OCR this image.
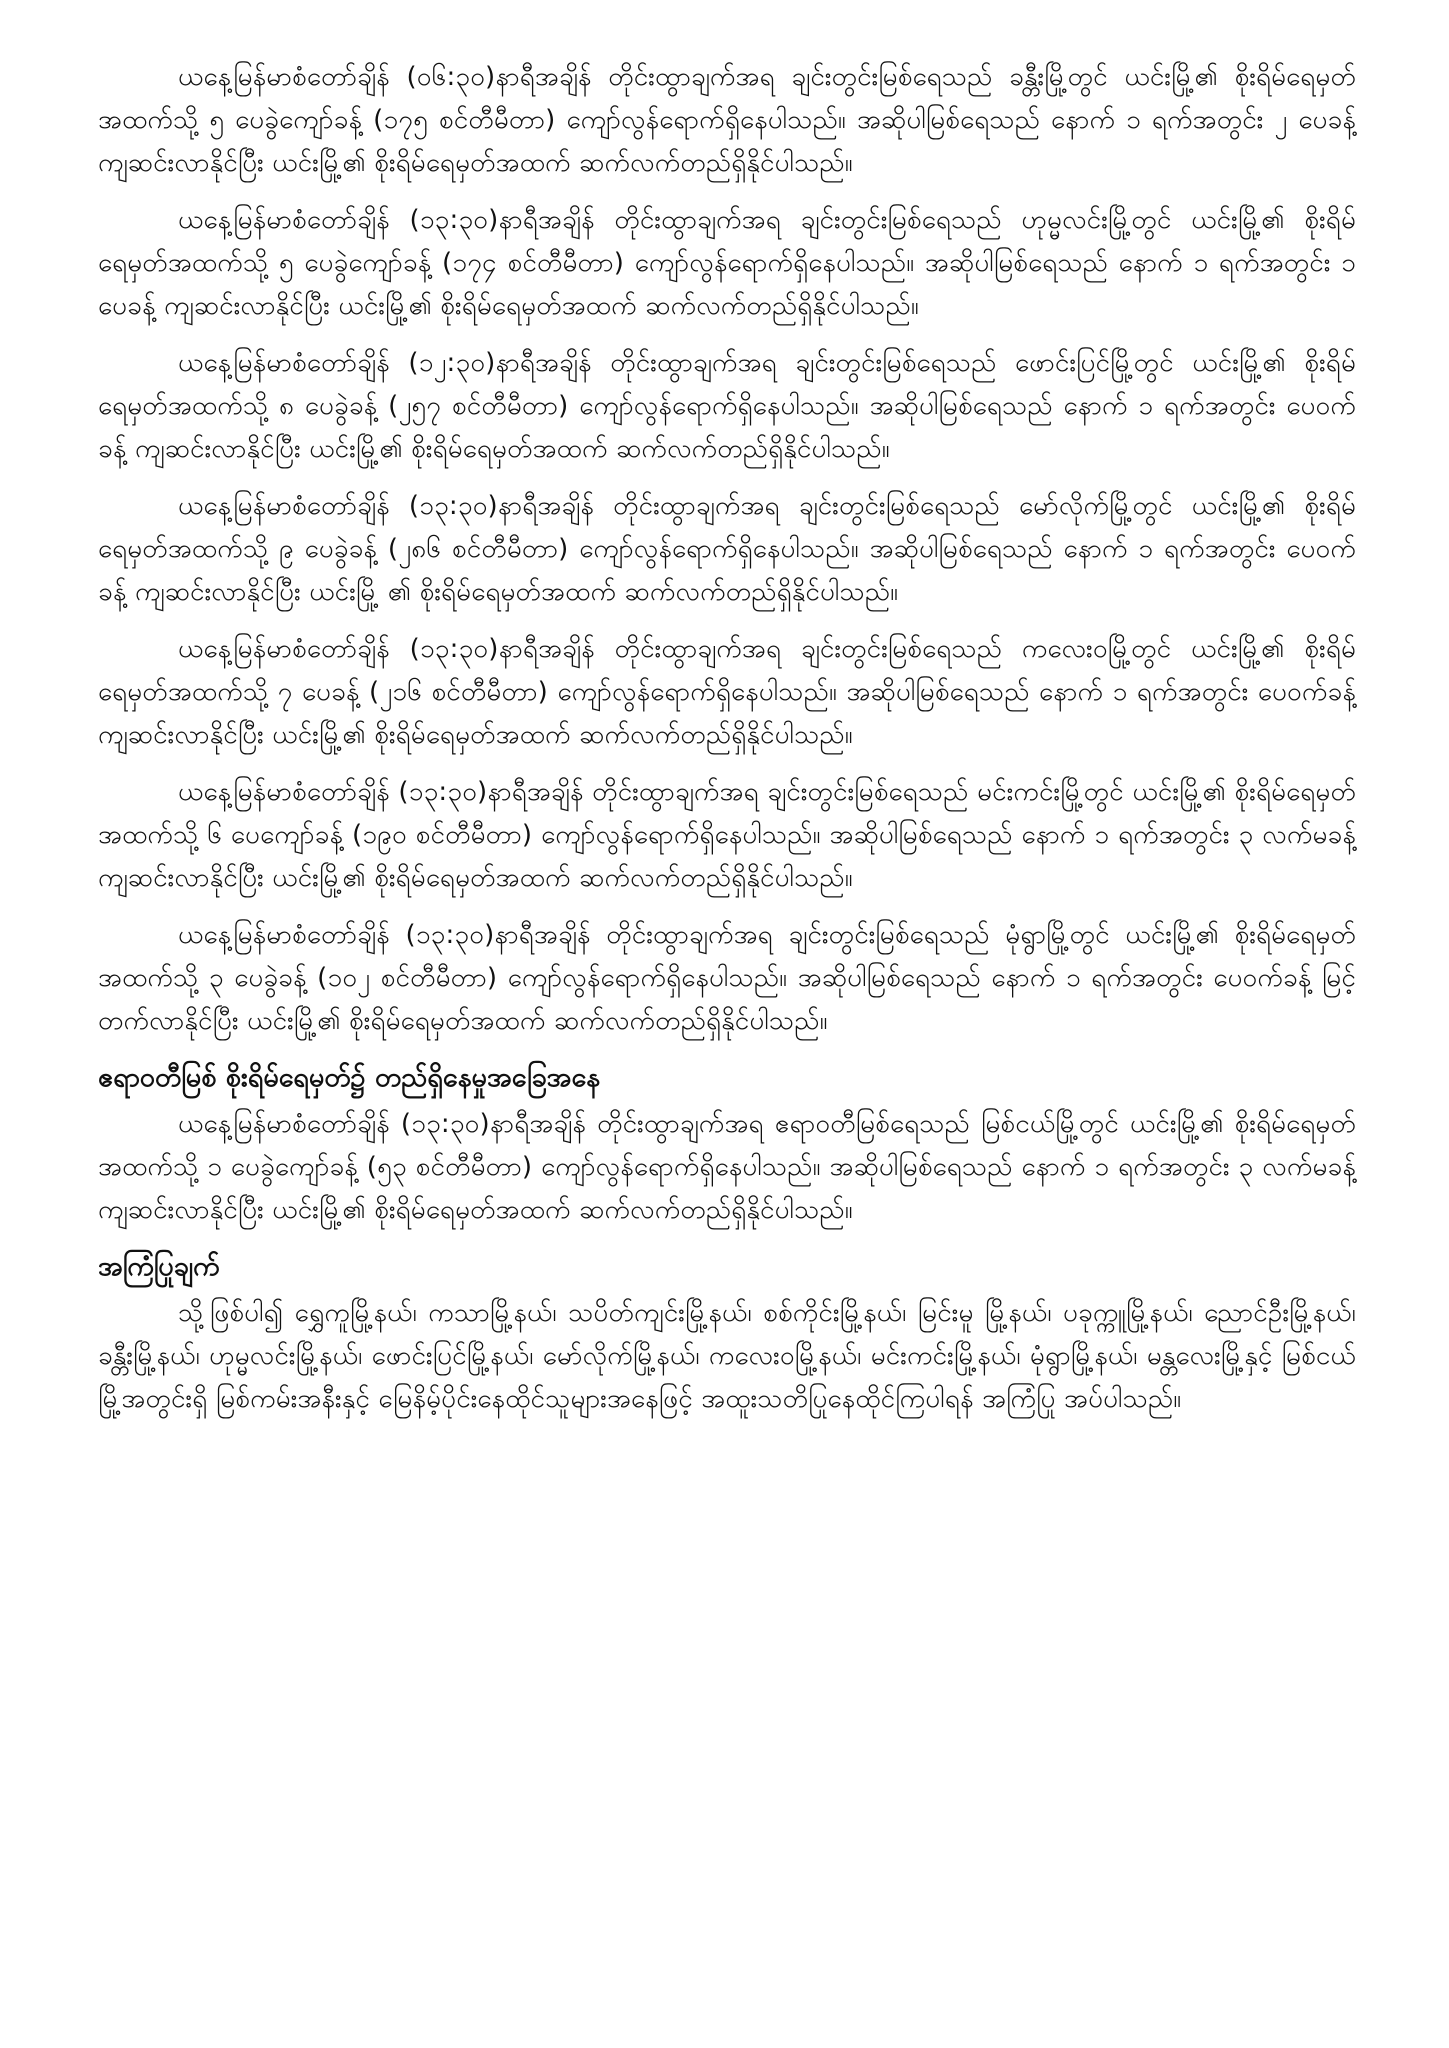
ယနေ့မြန်မာစံတော်ချိန် (၀၆:၃၀)နာရီအချိန် တိုင်းထွာချက်အရ ချင်းတွင်းမြစ်ရေသည် ခန္တီးမြို့တွင် ယင်းမြို့၏ စိုးရိမ်ရေမှတ်အထက်သို့ ၅ ပေခွဲကျော်ခန့် (၁၇၅ စင်တီမီတာ) ကျော်လွန်ရောက်ရှိနေပါသည်။ အဆိုပါမြစ်ရေသည် နောက် ၁ ရက်အတွင်း ၂ ပေခန့် ကျဆင်းလာနိုင်ပြီး ယင်းမြို့၏ စိုးရိမ်ရေမှတ်အထက် ဆက်လက်တည်ရှိနိုင်ပါသည်။

ယနေ့မြန်မာစံတော်ချိန် (၁၃:၃၀)နာရီအချိန် တိုင်းထွာချက်အရ ချင်းတွင်းမြစ်ရေသည် ဟုမ္မလင်းမြို့တွင် ယင်းမြို့၏ စိုးရိမ်ရေမှတ်အထက်သို့ ၅ ပေခွဲကျော်ခန့် (၁၇၄ စင်တီမီတာ) ကျော်လွန်ရောက်ရှိနေပါသည်။ အဆိုပါမြစ်ရေသည် နောက် ၁ ရက်အတွင်း ၁ ပေခန့် ကျဆင်းလာနိုင်ပြီး ယင်းမြို့၏ စိုးရိမ်ရေမှတ်အထက် ဆက်လက်တည်ရှိနိုင်ပါသည်။

ယနေ့မြန်မာစံတော်ချိန် (၁၂:၃၀)နာရီအချိန် တိုင်းထွာချက်အရ ချင်းတွင်းမြစ်ရေသည် ဖောင်းပြင်မြို့တွင် ယင်းမြို့၏ စိုးရိမ်ရေမှတ်အထက်သို့ ၈ ပေခွဲခန့် (၂၅၇ စင်တီမီတာ) ကျော်လွန်ရောက်ရှိနေပါသည်။ အဆိုပါမြစ်ရေသည် နောက် ၁ ရက်အတွင်း ပေဝက်ခန့် ကျဆင်းလာနိုင်ပြီး ယင်းမြို့၏ စိုးရိမ်ရေမှတ်အထက် ဆက်လက်တည်ရှိနိုင်ပါသည်။

ယနေ့မြန်မာစံတော်ချိန် (၁၃:၃၀)နာရီအချိန် တိုင်းထွာချက်အရ ချင်းတွင်းမြစ်ရေသည် မော်လိုက်မြို့တွင် ယင်းမြို့၏ စိုးရိမ်ရေမှတ်အထက်သို့ ၉ ပေခွဲခန့် (၂၈၆ စင်တီမီတာ) ကျော်လွန်ရောက်ရှိနေပါသည်။ အဆိုပါမြစ်ရေသည် နောက် ၁ ရက်အတွင်း ပေဝက်ခန့် ကျဆင်းလာနိုင်ပြီး ယင်းမြို့ ၏ စိုးရိမ်ရေမှတ်အထက် ဆက်လက်တည်ရှိနိုင်ပါသည်။

ယနေ့မြန်မာစံတော်ချိန် (၁၃:၃၀)နာရီအချိန် တိုင်းထွာချက်အရ ချင်းတွင်းမြစ်ရေသည် ကလေးဝမြို့တွင် ယင်းမြို့၏ စိုးရိမ်ရေမှတ်အထက်သို့ ၇ ပေခန့် (၂၁၆ စင်တီမီတာ) ကျော်လွန်ရောက်ရှိနေပါသည်။ အဆိုပါမြစ်ရေသည် နောက် ၁ ရက်အတွင်း ပေဝက်ခန့် ကျဆင်းလာနိုင်ပြီး ယင်းမြို့၏ စိုးရိမ်ရေမှတ်အထက် ဆက်လက်တည်ရှိနိုင်ပါသည်။

ယနေ့မြန်မာစံတော်ချိန် (၁၃:၃၀)နာရီအချိန် တိုင်းထွာချက်အရ ချင်းတွင်းမြစ်ရေသည် မင်းကင်းမြို့တွင် ယင်းမြို့၏ စိုးရိမ်ရေမှတ်အထက်သို့ ၆ ပေကျော်ခန့် (၁၉၀ စင်တီမီတာ) ကျော်လွန်ရောက်ရှိနေပါသည်။ အဆိုပါမြစ်ရေသည် နောက် ၁ ရက်အတွင်း ၃ လက်မခန့် ကျဆင်းလာနိုင်ပြီး ယင်းမြို့၏ စိုးရိမ်ရေမှတ်အထက် ဆက်လက်တည်ရှိနိုင်ပါသည်။

ယနေ့မြန်မာစံတော်ချိန် (၁၃:၃၀)နာရီအချိန် တိုင်းထွာချက်အရ ချင်းတွင်းမြစ်ရေသည် မုံရွာမြို့တွင် ယင်းမြို့၏ စိုးရိမ်ရေမှတ်အထက်သို့ ၃ ပေခွဲခန့် (၁၀၂ စင်တီမီတာ) ကျော်လွန်ရောက်ရှိနေပါသည်။ အဆိုပါမြစ်ရေသည် နောက် ၁ ရက်အတွင်း ပေဝက်ခန့် မြင့်တက်လာနိုင်ပြီး ယင်းမြို့၏ စိုးရိမ်ရေမှတ်အထက် ဆက်လက်တည်ရှိနိုင်ပါသည်။

ဧရာဝတီမြစ် စိုးရိမ်ရေမှတ်၌ တည်ရှိနေမှုအခြေအနေ

ယနေ့မြန်မာစံတော်ချိန် (၁၃:၃၀)နာရီအချိန် တိုင်းထွာချက်အရ ဧရာဝတီမြစ်ရေသည် မြစ်ငယ်မြို့တွင် ယင်းမြို့၏ စိုးရိမ်ရေမှတ်အထက်သို့ ၁ ပေခွဲကျော်ခန့် (၅၃ စင်တီမီတာ) ကျော်လွန်ရောက်ရှိနေပါသည်။ အဆိုပါမြစ်ရေသည် နောက် ၁ ရက်အတွင်း ၃ လက်မခန့် ကျဆင်းလာနိုင်ပြီး ယင်းမြို့၏ စိုးရိမ်ရေမှတ်အထက် ဆက်လက်တည်ရှိနိုင်ပါသည်။

အကြံပြုချက်

သို့ဖြစ်ပါ၍ ရွှေကူမြို့နယ်၊ ကသာမြို့နယ်၊ သပိတ်ကျင်းမြို့နယ်၊ စစ်ကိုင်းမြို့နယ်၊ မြင်းမူ မြို့နယ်၊ ပခုက္ကူမြို့နယ်၊ ညောင်ဦးမြို့နယ်၊ ခန္တီးမြို့နယ်၊ ဟုမ္မလင်းမြို့နယ်၊ ဖောင်းပြင်မြို့နယ်၊ မော်လိုက်မြို့နယ်၊ ကလေးဝမြို့နယ်၊ မင်းကင်းမြို့နယ်၊ မုံရွာမြို့နယ်၊ မန္တလေးမြို့နှင့် မြစ်ငယ်မြို့အတွင်းရှိ မြစ်ကမ်းအနီးနှင့် မြေနိမ့်ပိုင်းနေထိုင်သူများအနေဖြင့် အထူးသတိပြုနေထိုင်ကြပါရန် အကြံပြု အပ်ပါသည်။
